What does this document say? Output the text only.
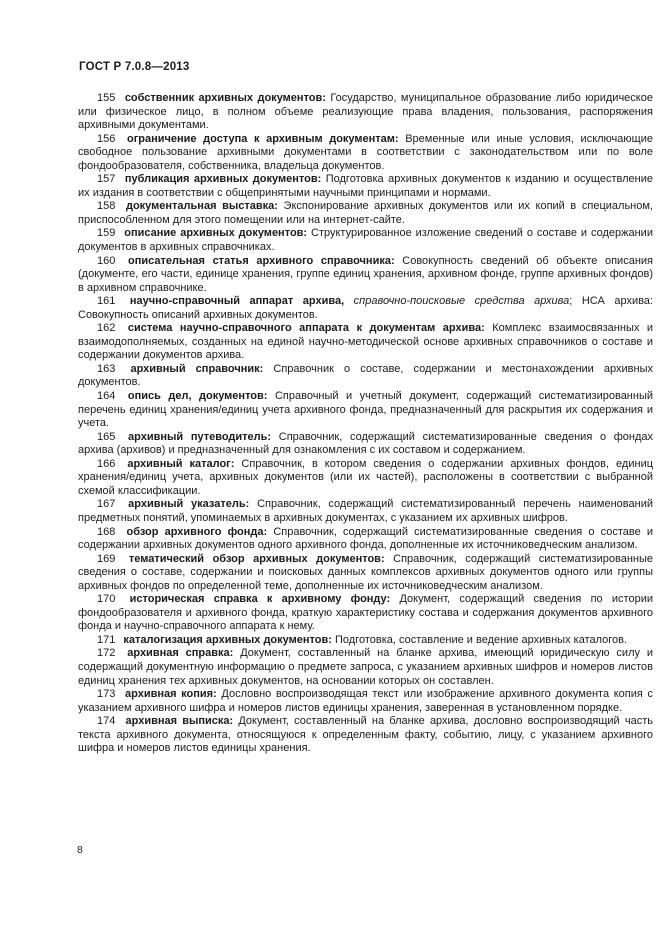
ГОСТ Р 7.0.8—2013

155 собственник архивных документов: Государство, муниципальное образование либо юридическое или физическое лицо, в полном объеме реализующие права владения, пользования, распоряжения архивными документами.

156 ограничение доступа к архивным документам: Временные или иные условия, исключающие свободное пользование архивными документами в соответствии с законодательством или по воле фондообразователя, собственника, владельца документов.

157 публикация архивных документов: Подготовка архивных документов к изданию и осуществление их издания в соответствии с общепринятыми научными принципами и нормами.

158 документальная выставка: Экспонирование архивных документов или их копий в специальном, приспособленном для этого помещении или на интернет-сайте.

159 описание архивных документов: Структурированное изложение сведений о составе и содержании документов в архивных справочниках.

160 описательная статья архивного справочника: Совокупность сведений об объекте описания (документе, его части, единице хранения, группе единиц хранения, архивном фонде, группе архивных фондов) в архивном справочнике.

161 научно-справочный аппарат архива, справочно-поисковые средства архива; НСА архива: Совокупность описаний архивных документов.

162 система научно-справочного аппарата к документам архива: Комплекс взаимосвязанных и взаимодополняемых, созданных на единой научно-методической основе архивных справочников о составе и содержании документов архива.

163 архивный справочник: Справочник о составе, содержании и местонахождении архивных документов.

164 опись дел, документов: Справочный и учетный документ, содержащий систематизированный перечень единиц хранения/единиц учета архивного фонда, предназначенный для раскрытия их содержания и учета.

165 архивный путеводитель: Справочник, содержащий систематизированные сведения о фондах архива (архивов) и предназначенный для ознакомления с их составом и содержанием.

166 архивный каталог: Справочник, в котором сведения о содержании архивных фондов, единиц хранения/единиц учета, архивных документов (или их частей), расположены в соответствии с выбранной схемой классификации.

167 архивный указатель: Справочник, содержащий систематизированный перечень наименований предметных понятий, упоминаемых в архивных документах, с указанием их архивных шифров.

168 обзор архивного фонда: Справочник, содержащий систематизированные сведения о составе и содержании архивных документов одного архивного фонда, дополненные их источниковедческим анализом.

169 тематический обзор архивных документов: Справочник, содержащий систематизированные сведения о составе, содержании и поисковых данных комплексов архивных документов одного или группы архивных фондов по определенной теме, дополненные их источниковедческим анализом.

170 историческая справка к архивному фонду: Документ, содержащий сведения по истории фондообразователя и архивного фонда, краткую характеристику состава и содержания документов архивного фонда и научно-справочного аппарата к нему.

171 каталогизация архивных документов: Подготовка, составление и ведение архивных каталогов.

172 архивная справка: Документ, составленный на бланке архива, имеющий юридическую силу и содержащий документную информацию о предмете запроса, с указанием архивных шифров и номеров листов единиц хранения тех архивных документов, на основании которых он составлен.

173 архивная копия: Дословно воспроизводящая текст или изображение архивного документа копия с указанием архивного шифра и номеров листов единицы хранения, заверенная в установленном порядке.

174 архивная выписка: Документ, составленный на бланке архива, дословно воспроизводящий часть текста архивного документа, относящуюся к определенным факту, событию, лицу, с указанием архивного шифра и номеров листов единицы хранения.

8
